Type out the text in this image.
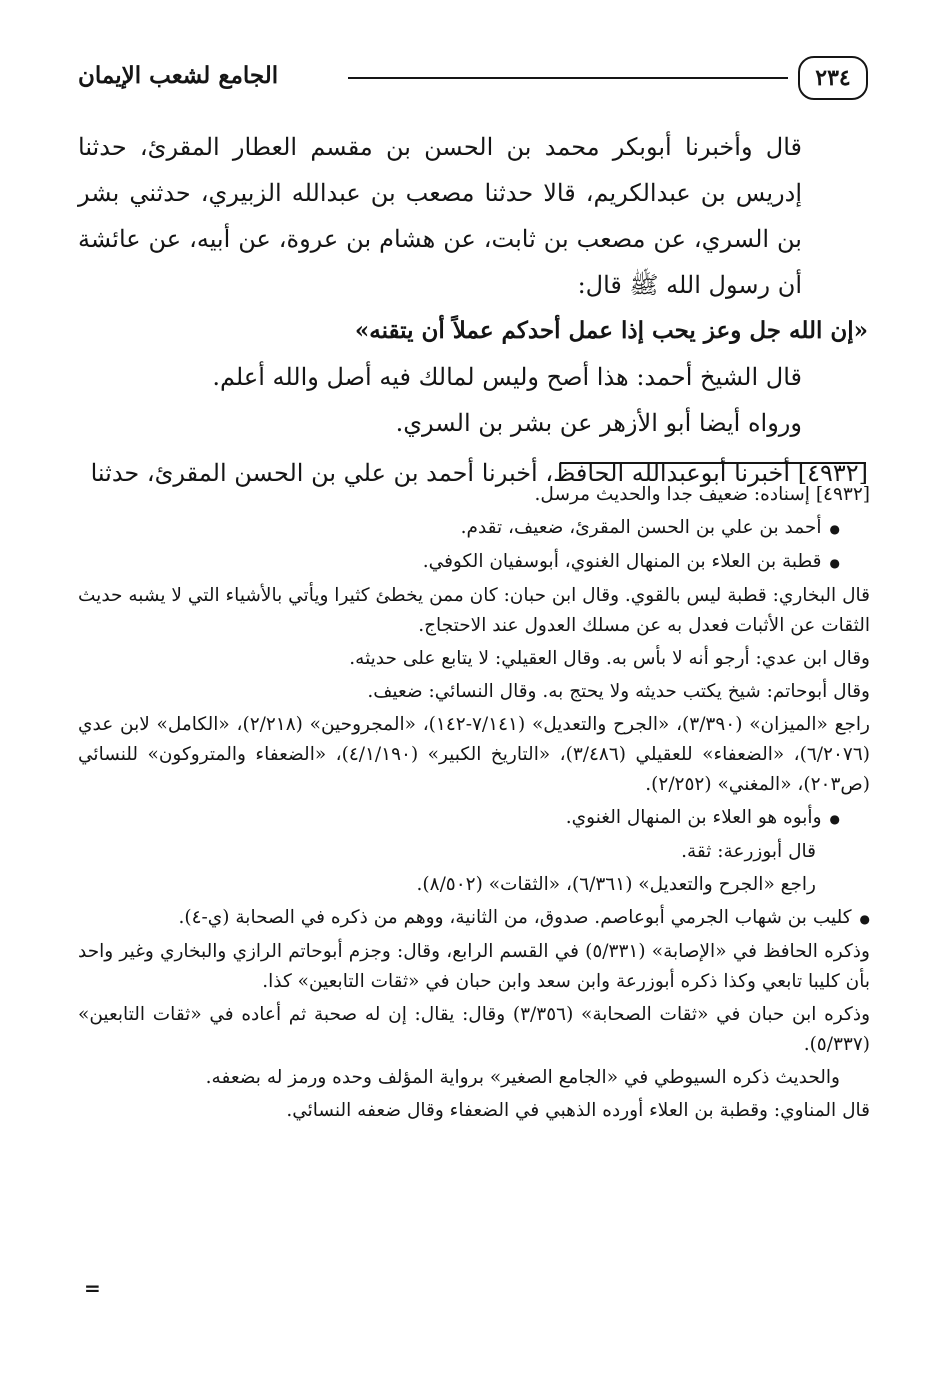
٢٣٤
الجامع لشعب الإيمان

قال وأخبرنا أبوبكر محمد بن الحسن بن مقسم العطار المقرئ، حدثنا إدريس بن عبدالكريم، قالا حدثنا مصعب بن عبدالله الزبيري، حدثني بشر بن السري، عن مصعب بن ثابت، عن هشام بن عروة، عن أبيه، عن عائشة أن رسول الله ﷺ قال:

«إن الله جل وعز يحب إذا عمل أحدكم عملاً أن يتقنه»

قال الشيخ أحمد: هذا أصح وليس لمالك فيه أصل والله أعلم.

ورواه أيضا أبو الأزهر عن بشر بن السري.

[٤٩٣٢] أخبرنا أبوعبدالله الحافظ، أخبرنا أحمد بن علي بن الحسن المقرئ، حدثنا

[٤٩٣٢] إسناده: ضعيف جدا والحديث مرسل.

● أحمد بن علي بن الحسن المقرئ، ضعيف، تقدم.

● قطبة بن العلاء بن المنهال الغنوي، أبوسفيان الكوفي.

قال البخاري: قطبة ليس بالقوي. وقال ابن حبان: كان ممن يخطئ كثيرا ويأتي بالأشياء التي لا يشبه حديث الثقات عن الأثبات فعدل به عن مسلك العدول عند الاحتجاج.

وقال ابن عدي: أرجو أنه لا بأس به. وقال العقيلي: لا يتابع على حديثه.

وقال أبوحاتم: شيخ يكتب حديثه ولا يحتج به. وقال النسائي: ضعيف.

راجع «الميزان» (٣/٣٩٠)، «الجرح والتعديل» (٧/١٤١-١٤٢)، «المجروحين» (٢/٢١٨)، «الكامل» لابن عدي (٦/٢٠٧٦)، «الضعفاء» للعقيلي (٣/٤٨٦)، «التاريخ الكبير» (٤/١/١٩٠)، «الضعفاء والمتروكون» للنسائي (ص٢٠٣)، «المغني» (٢/٢٥٢).

● وأبوه هو العلاء بن المنهال الغنوي.

قال أبوزرعة: ثقة.

راجع «الجرح والتعديل» (٦/٣٦١)، «الثقات» (٨/٥٠٢).

● كليب بن شهاب الجرمي أبوعاصم. صدوق، من الثانية، ووهم من ذكره في الصحابة (ي-٤).

وذكره الحافظ في «الإصابة» (٥/٣٣١) في القسم الرابع، وقال: وجزم أبوحاتم الرازي والبخاري وغير واحد بأن كليبا تابعي وكذا ذكره أبوزرعة وابن سعد وابن حبان في «ثقات التابعين» كذا.

وذكره ابن حبان في «ثقات الصحابة» (٣/٣٥٦) وقال: يقال: إن له صحبة ثم أعاده في «ثقات التابعين» (٥/٣٣٧).

والحديث ذكره السيوطي في «الجامع الصغير» برواية المؤلف وحده ورمز له بضعفه.

قال المناوي: وقطبة بن العلاء أورده الذهبي في الضعفاء وقال ضعفه النسائي.

=
